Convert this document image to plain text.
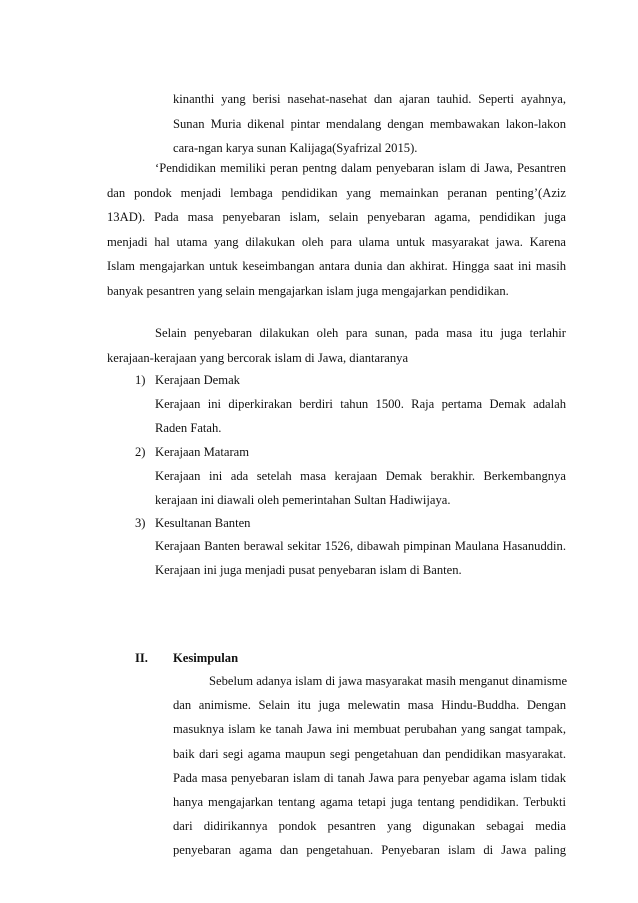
kinanthi yang berisi nasehat-nasehat dan ajaran tauhid. Seperti ayahnya,
Sunan Muria dikenal pintar mendalang dengan membawakan lakon-lakon
cara-ngan karya sunan Kalijaga(Syafrizal 2015).
‘Pendidikan memiliki peran pentng dalam penyebaran islam di Jawa, Pesantren
dan pondok menjadi lembaga pendidikan yang memainkan peranan penting’(Aziz
13AD). Pada masa penyebaran islam, selain penyebaran agama, pendidikan juga
menjadi hal utama yang dilakukan oleh para ulama untuk masyarakat jawa. Karena
Islam mengajarkan untuk keseimbangan antara dunia dan akhirat. Hingga saat ini masih
banyak pesantren yang selain mengajarkan islam juga mengajarkan pendidikan.
Selain penyebaran dilakukan oleh para sunan, pada masa itu juga terlahir
kerajaan-kerajaan yang bercorak islam di Jawa, diantaranya
1) Kerajaan Demak
Kerajaan ini diperkirakan berdiri tahun 1500. Raja pertama Demak adalah
Raden Fatah.
2) Kerajaan Mataram
Kerajaan ini ada setelah masa kerajaan Demak berakhir. Berkembangnya
kerajaan ini diawali oleh pemerintahan Sultan Hadiwijaya.
3) Kesultanan Banten
Kerajaan Banten berawal sekitar 1526, dibawah pimpinan Maulana Hasanuddin.
Kerajaan ini juga menjadi pusat penyebaran islam di Banten.
II. Kesimpulan
Sebelum adanya islam di jawa masyarakat masih menganut dinamisme
dan animisme. Selain itu juga melewatin masa Hindu-Buddha. Dengan
masuknya islam ke tanah Jawa ini membuat perubahan yang sangat tampak,
baik dari segi agama maupun segi pengetahuan dan pendidikan masyarakat.
Pada masa penyebaran islam di tanah Jawa para penyebar agama islam tidak
hanya mengajarkan tentang agama tetapi juga tentang pendidikan. Terbukti
dari didirikannya pondok pesantren yang digunakan sebagai media
penyebaran agama dan pengetahuan. Penyebaran islam di Jawa paling
